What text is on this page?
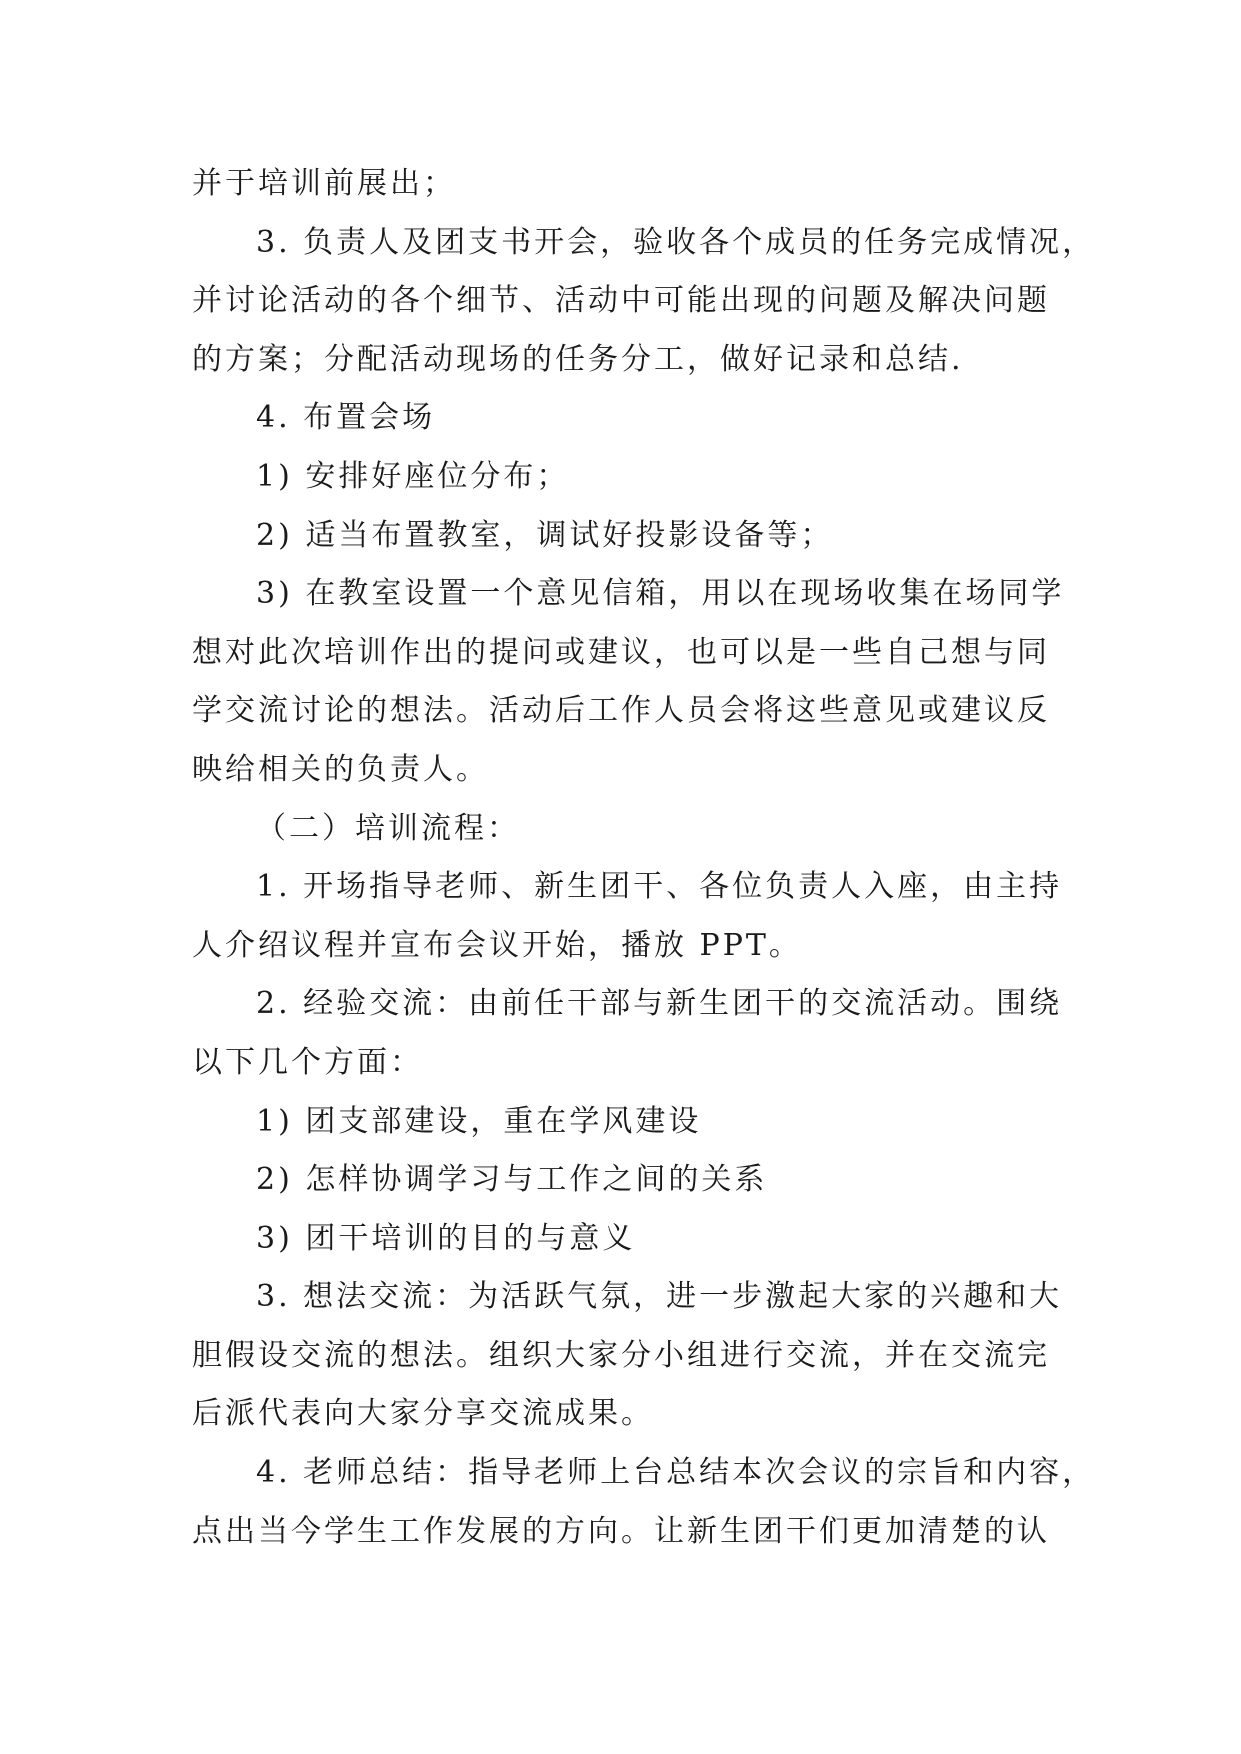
并于培训前展出；
3. 负责人及团支书开会，验收各个成员的任务完成情况，
并讨论活动的各个细节、活动中可能出现的问题及解决问题
的方案；分配活动现场的任务分工，做好记录和总结.
4. 布置会场
1) 安排好座位分布；
2) 适当布置教室，调试好投影设备等；
3) 在教室设置一个意见信箱，用以在现场收集在场同学
想对此次培训作出的提问或建议，也可以是一些自己想与同
学交流讨论的想法。活动后工作人员会将这些意见或建议反
映给相关的负责人。
（二）培训流程：
1. 开场指导老师、新生团干、各位负责人入座，由主持
人介绍议程并宣布会议开始，播放 PPT。
2. 经验交流：由前任干部与新生团干的交流活动。围绕
以下几个方面：
1) 团支部建设，重在学风建设
2) 怎样协调学习与工作之间的关系
3) 团干培训的目的与意义
3. 想法交流：为活跃气氛，进一步激起大家的兴趣和大
胆假设交流的想法。组织大家分小组进行交流，并在交流完
后派代表向大家分享交流成果。
4. 老师总结：指导老师上台总结本次会议的宗旨和内容，
点出当今学生工作发展的方向。让新生团干们更加清楚的认
